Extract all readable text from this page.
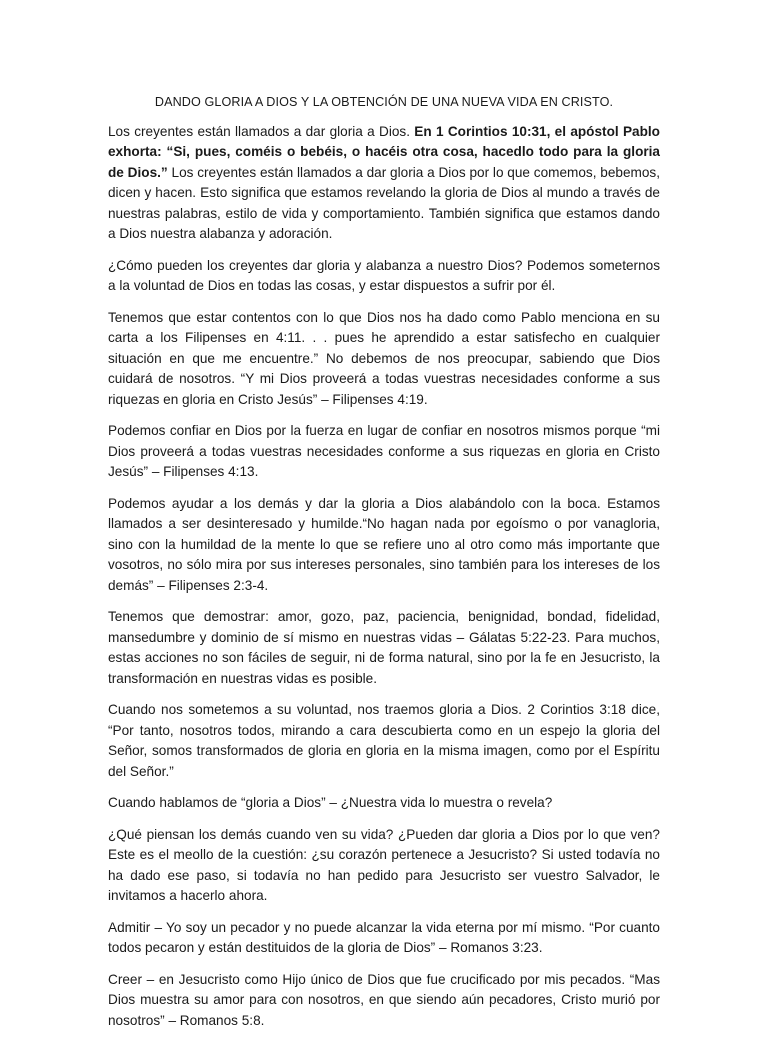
DANDO GLORIA A DIOS Y LA OBTENCIÓN DE UNA NUEVA VIDA EN CRISTO.

Los creyentes están llamados a dar gloria a Dios. En 1 Corintios 10:31, el apóstol Pablo exhorta: “Si, pues, coméis o bebéis, o hacéis otra cosa, hacedlo todo para la gloria de Dios.” Los creyentes están llamados a dar gloria a Dios por lo que comemos, bebemos, dicen y hacen. Esto significa que estamos revelando la gloria de Dios al mundo a través de nuestras palabras, estilo de vida y comportamiento. También significa que estamos dando a Dios nuestra alabanza y adoración.

¿Cómo pueden los creyentes dar gloria y alabanza a nuestro Dios? Podemos someternos a la voluntad de Dios en todas las cosas, y estar dispuestos a sufrir por él.

Tenemos que estar contentos con lo que Dios nos ha dado como Pablo menciona en su carta a los Filipenses en 4:11. . . pues he aprendido a estar satisfecho en cualquier situación en que me encuentre.” No debemos de nos preocupar, sabiendo que Dios cuidará de nosotros. “Y mi Dios proveerá a todas vuestras necesidades conforme a sus riquezas en gloria en Cristo Jesús” – Filipenses 4:19.

Podemos confiar en Dios por la fuerza en lugar de confiar en nosotros mismos porque “mi Dios proveerá a todas vuestras necesidades conforme a sus riquezas en gloria en Cristo Jesús” – Filipenses 4:13.

Podemos ayudar a los demás y dar la gloria a Dios alabándolo con la boca. Estamos llamados a ser desinteresado y humilde.“No hagan nada por egoísmo o por vanagloria, sino con la humildad de la mente lo que se refiere uno al otro como más importante que vosotros, no sólo mira por sus intereses personales, sino también para los intereses de los demás” – Filipenses 2:3-4.

Tenemos que demostrar: amor, gozo, paz, paciencia, benignidad, bondad, fidelidad, mansedumbre y dominio de sí mismo en nuestras vidas – Gálatas 5:22-23. Para muchos, estas acciones no son fáciles de seguir, ni de forma natural, sino por la fe en Jesucristo, la transformación en nuestras vidas es posible.

Cuando nos sometemos a su voluntad, nos traemos gloria a Dios. 2 Corintios 3:18 dice, “Por tanto, nosotros todos, mirando a cara descubierta como en un espejo la gloria del Señor, somos transformados de gloria en gloria en la misma imagen, como por el Espíritu del Señor.”

Cuando hablamos de “gloria a Dios” – ¿Nuestra vida lo muestra o revela?

¿Qué piensan los demás cuando ven su vida? ¿Pueden dar gloria a Dios por lo que ven? Este es el meollo de la cuestión: ¿su corazón pertenece a Jesucristo? Si usted todavía no ha dado ese paso, si todavía no han pedido para Jesucristo ser vuestro Salvador, le invitamos a hacerlo ahora.

Admitir – Yo soy un pecador y no puede alcanzar la vida eterna por mí mismo. “Por cuanto todos pecaron y están destituidos de la gloria de Dios” – Romanos 3:23.

Creer – en Jesucristo como Hijo único de Dios que fue crucificado por mis pecados. “Mas Dios muestra su amor para con nosotros, en que siendo aún pecadores, Cristo murió por nosotros” – Romanos 5:8.
